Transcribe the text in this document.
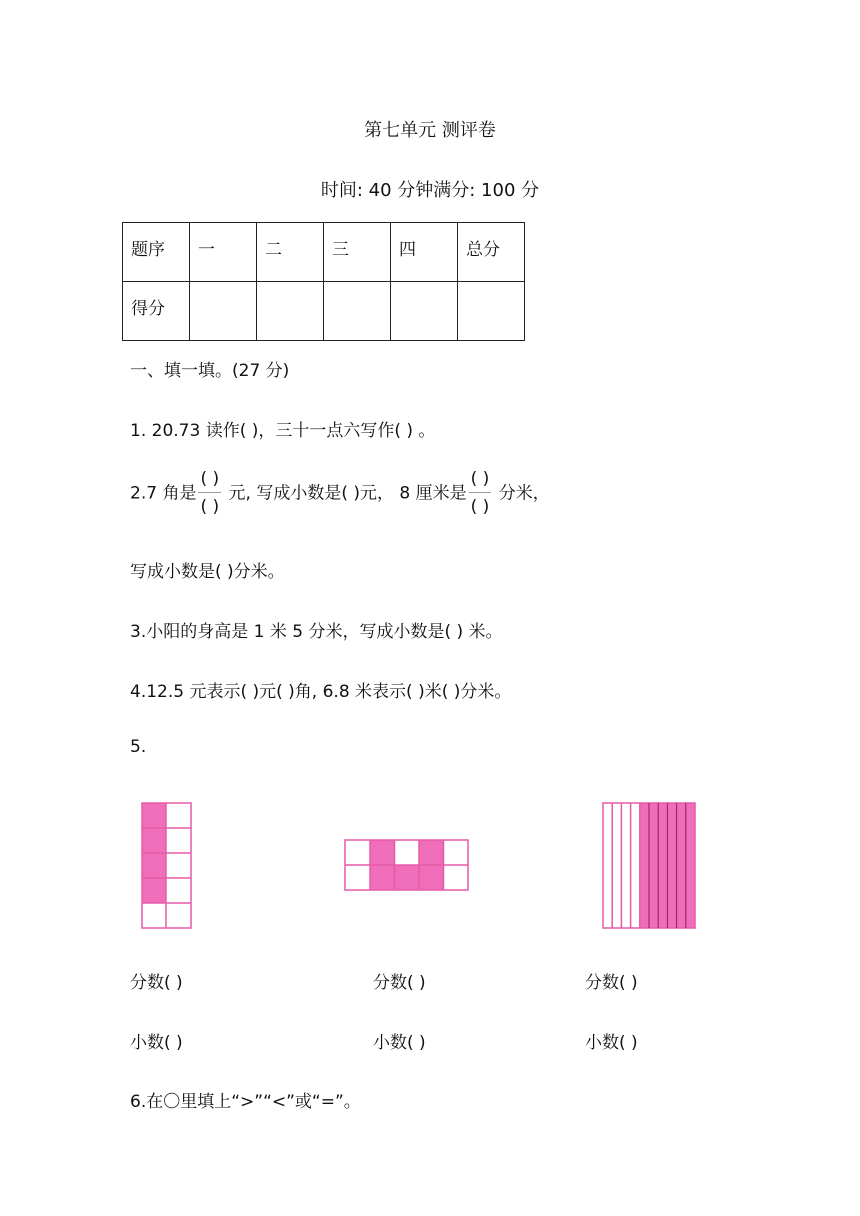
第七单元 测评卷
时间: 40 分钟满分: 100 分
题序	一	二	三	四	总分
得分					
一、填一填。(27 分)
1. 20.73 读作( )，三十一点六写作( ) 。
2.7 角是 $\frac{( )}{( )}$ 元, 写成小数是( )元， 8 厘米是 $\frac{( )}{( )}$ 分米，
写成小数是( )分米。
3.小阳的身高是 1 米 5 分米，写成小数是( ) 米。
4.12.5 元表示( )元( )角, 6.8 米表示( )米( )分米。
5.
分数( )	分数( )	分数( )
小数( )	小数( )	小数( )
6.在〇里填上“>”“<”或“=”。
